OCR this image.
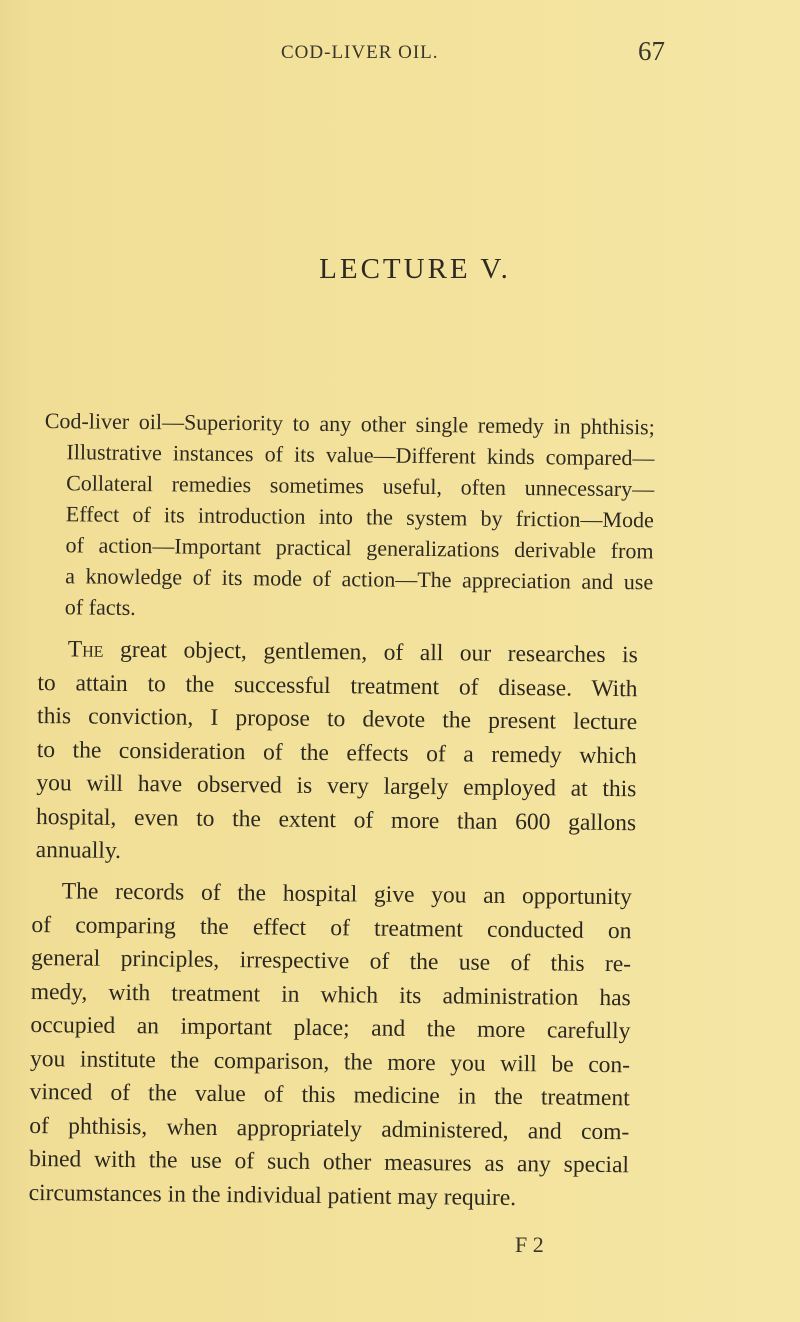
COD-LIVER OIL.	67
LECTURE V.
Cod-liver oil—Superiority to any other single remedy in phthisis;
Illustrative instances of its value—Different kinds compared—
Collateral remedies sometimes useful, often unnecessary—
Effect of its introduction into the system by friction—Mode
of action—Important practical generalizations derivable from
a knowledge of its mode of action—The appreciation and use
of facts.
The great object, gentlemen, of all our researches is
to attain to the successful treatment of disease. With
this conviction, I propose to devote the present lecture
to the consideration of the effects of a remedy which
you will have observed is very largely employed at this
hospital, even to the extent of more than 600 gallons
annually.
The records of the hospital give you an opportunity
of comparing the effect of treatment conducted on
general principles, irrespective of the use of this re-
medy, with treatment in which its administration has
occupied an important place; and the more carefully
you institute the comparison, the more you will be con-
vinced of the value of this medicine in the treatment
of phthisis, when appropriately administered, and com-
bined with the use of such other measures as any special
circumstances in the individual patient may require.
F 2
